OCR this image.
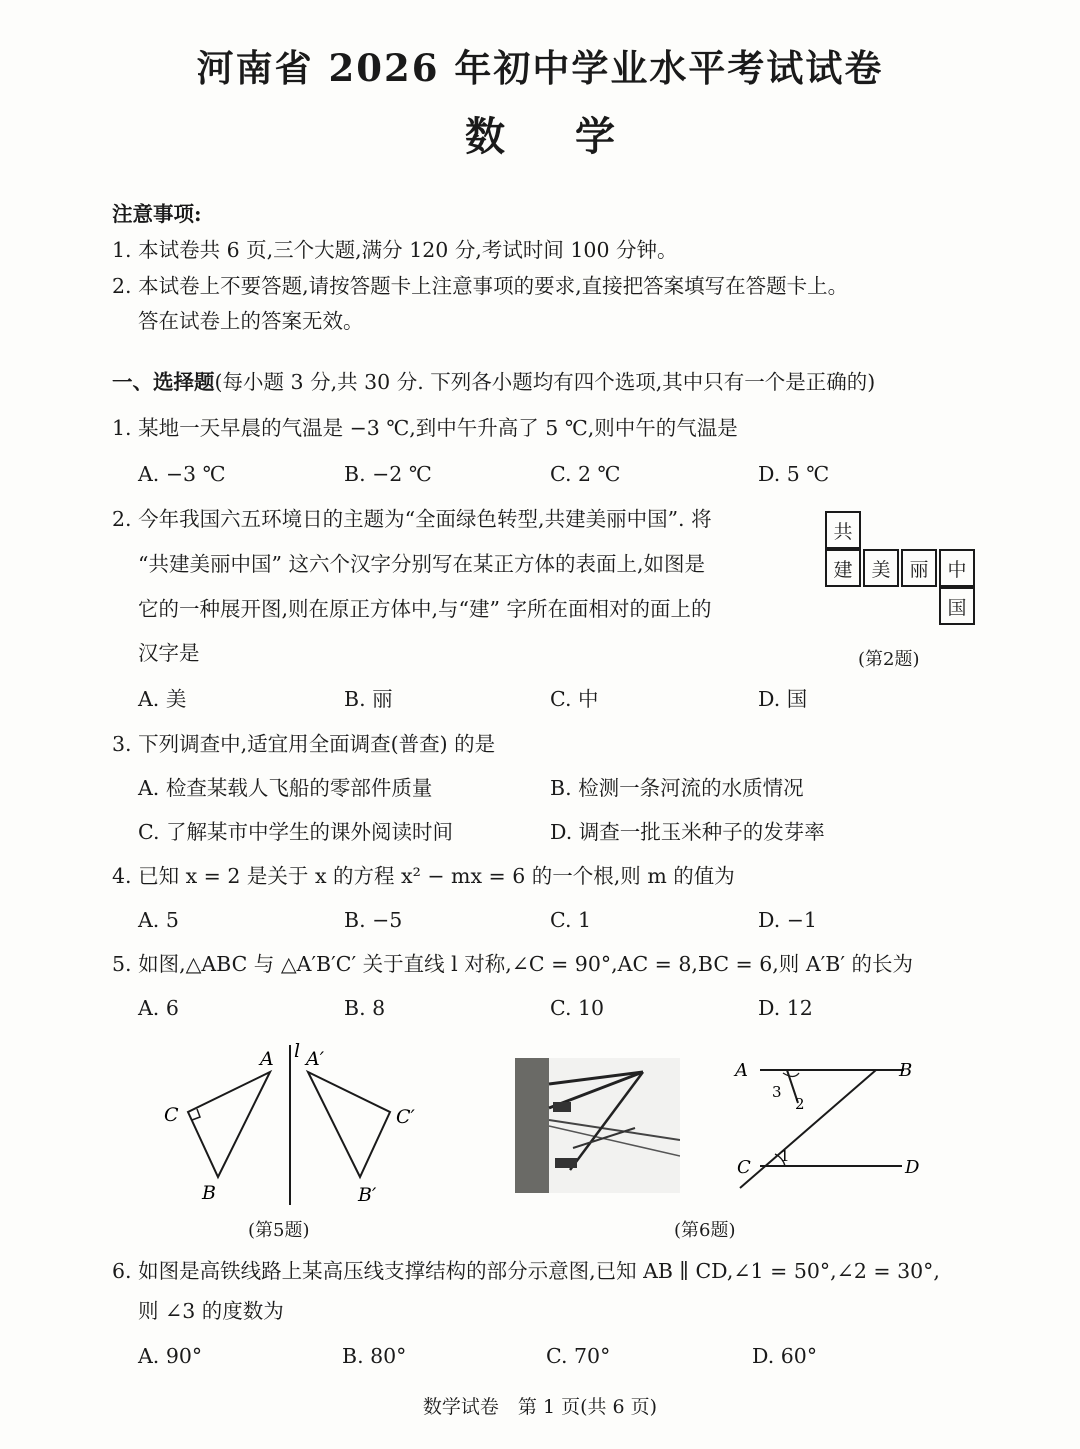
河南省 2026 年初中学业水平考试试卷
数学
注意事项:
1. 本试卷共 6 页,三个大题,满分 120 分,考试时间 100 分钟。
2. 本试卷上不要答题,请按答题卡上注意事项的要求,直接把答案填写在答题卡上。
答在试卷上的答案无效。
一、选择题(每小题 3 分,共 30 分. 下列各小题均有四个选项,其中只有一个是正确的)
1. 某地一天早晨的气温是 −3 ℃,到中午升高了 5 ℃,则中午的气温是
A. −3 ℃	B. −2 ℃	C. 2 ℃	D. 5 ℃
2. 今年我国六五环境日的主题为“全面绿色转型,共建美丽中国”. 将
“共建美丽中国” 这六个汉字分别写在某正方体的表面上,如图是
它的一种展开图,则在原正方体中,与“建” 字所在面相对的面上的
汉字是
共
建 美 丽 中
国
(第2题)
A. 美	B. 丽	C. 中	D. 国
3. 下列调查中,适宜用全面调查(普查) 的是
A. 检查某载人飞船的零部件质量	B. 检测一条河流的水质情况
C. 了解某市中学生的课外阅读时间	D. 调查一批玉米种子的发芽率
4. 已知 x = 2 是关于 x 的方程 x² − mx = 6 的一个根,则 m 的值为
A. 5	B. −5	C. 1	D. −1
5. 如图,△ABC 与 △A′B′C′ 关于直线 l 对称,∠C = 90°,AC = 8,BC = 6,则 A′B′ 的长为
A. 6	B. 8	C. 10	D. 12
A
C
B
l A′
C′
B′
(第5题)
A	B
C	D
3
2
1
(第6题)
6. 如图是高铁线路上某高压线支撑结构的部分示意图,已知 AB ∥ CD,∠1 = 50°,∠2 = 30°,
则 ∠3 的度数为
A. 90°	B. 80°	C. 70°	D. 60°
数学试卷　第 1 页(共 6 页)
